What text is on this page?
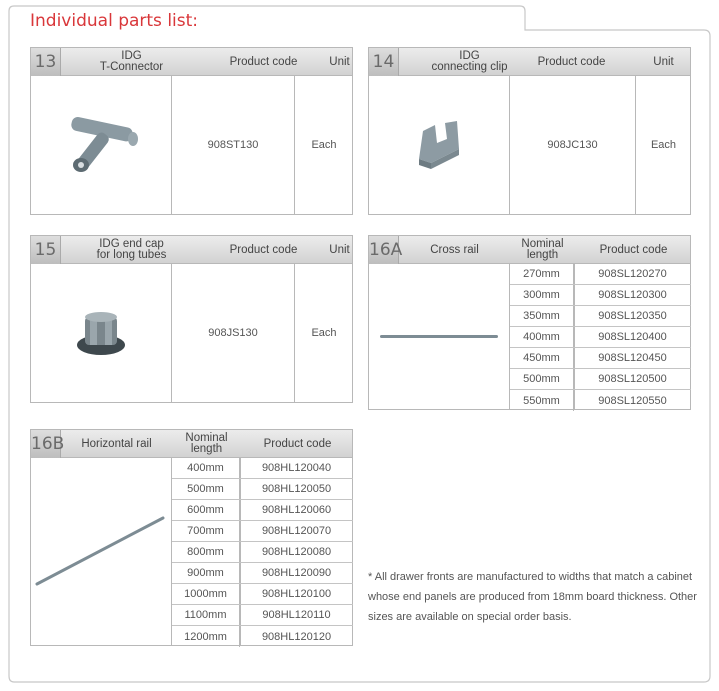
Individual parts list:
13	IDG
T-Connector	Product code	Unit
908ST130	Each
14	IDG
connecting clip	Product code	Unit
908JC130	Each
15	IDG end cap
for long tubes	Product code	Unit
908JS130	Each
16A	Cross rail	Nominal
length	Product code
270mm	908SL120270
300mm	908SL120300
350mm	908SL120350
400mm	908SL120400
450mm	908SL120450
500mm	908SL120500
550mm	908SL120550
16B	Horizontal rail	Nominal
length	Product code
400mm	908HL120040
500mm	908HL120050
600mm	908HL120060
700mm	908HL120070
800mm	908HL120080
900mm	908HL120090
1000mm	908HL120100
1100mm	908HL120110
1200mm	908HL120120
* All drawer fronts are manufactured to widths that match a cabinet whose end panels are produced from 18mm board thickness. Other sizes are available on special order basis.
